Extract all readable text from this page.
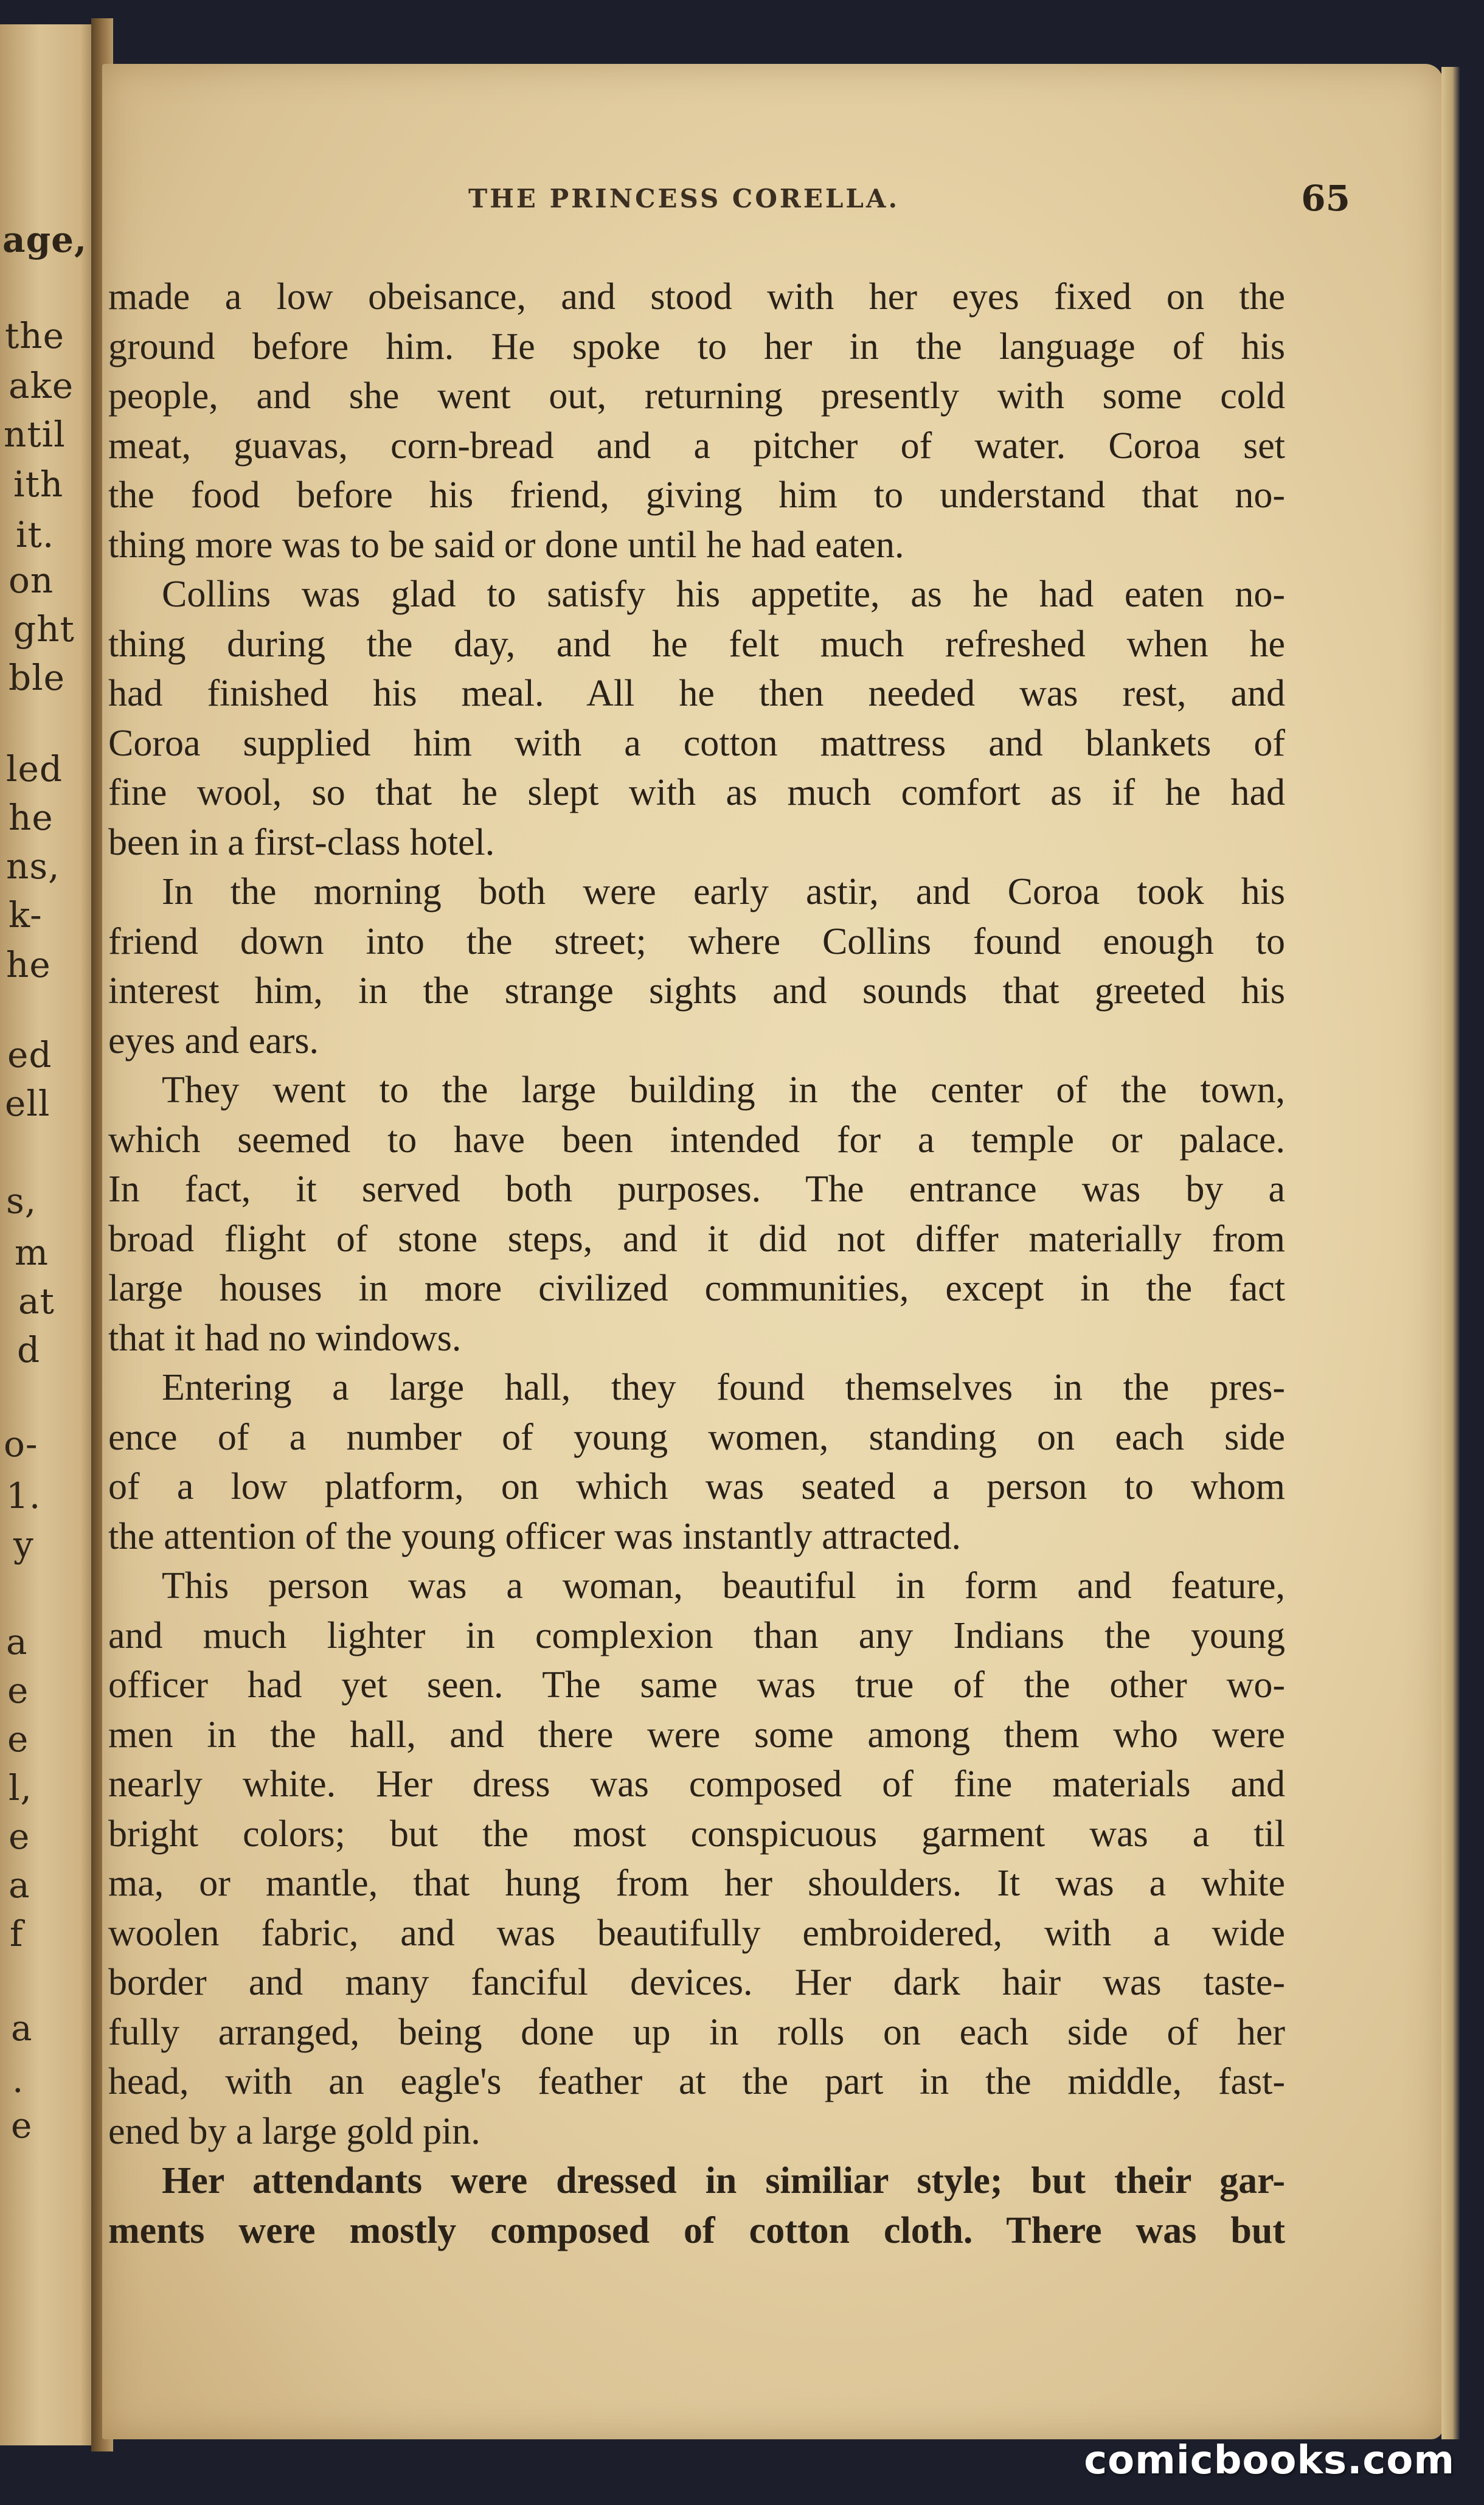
age,
the
ake
ntil
ith
it.
on
ght
ble
led
he
ns,
k-
he
ed
ell
s,
m
at
d
o-
1.
y
a
e
e
l,
e
a
f
a
.
e
THE PRINCESS CORELLA.	65
made a low obeisance, and stood with her eyes fixed on the
ground before him. He spoke to her in the language of his
people, and she went out, returning presently with some cold
meat, guavas, corn-bread and a pitcher of water. Coroa set
the food before his friend, giving him to understand that no-
thing more was to be said or done until he had eaten.
Collins was glad to satisfy his appetite, as he had eaten no-
thing during the day, and he felt much refreshed when he
had finished his meal. All he then needed was rest, and
Coroa supplied him with a cotton mattress and blankets of
fine wool, so that he slept with as much comfort as if he had
been in a first-class hotel.
In the morning both were early astir, and Coroa took his
friend down into the street; where Collins found enough to
interest him, in the strange sights and sounds that greeted his
eyes and ears.
They went to the large building in the center of the town,
which seemed to have been intended for a temple or palace.
In fact, it served both purposes. The entrance was by a
broad flight of stone steps, and it did not differ materially from
large houses in more civilized communities, except in the fact
that it had no windows.
Entering a large hall, they found themselves in the pres-
ence of a number of young women, standing on each side
of a low platform, on which was seated a person to whom
the attention of the young officer was instantly attracted.
This person was a woman, beautiful in form and feature,
and much lighter in complexion than any Indians the young
officer had yet seen. The same was true of the other wo-
men in the hall, and there were some among them who were
nearly white. Her dress was composed of fine materials and
bright colors; but the most conspicuous garment was a til
ma, or mantle, that hung from her shoulders. It was a white
woolen fabric, and was beautifully embroidered, with a wide
border and many fanciful devices. Her dark hair was taste-
fully arranged, being done up in rolls on each side of her
head, with an eagle's feather at the part in the middle, fast-
ened by a large gold pin.
Her attendants were dressed in similiar style; but their gar-
ments were mostly composed of cotton cloth. There was but
comicbooks.com
